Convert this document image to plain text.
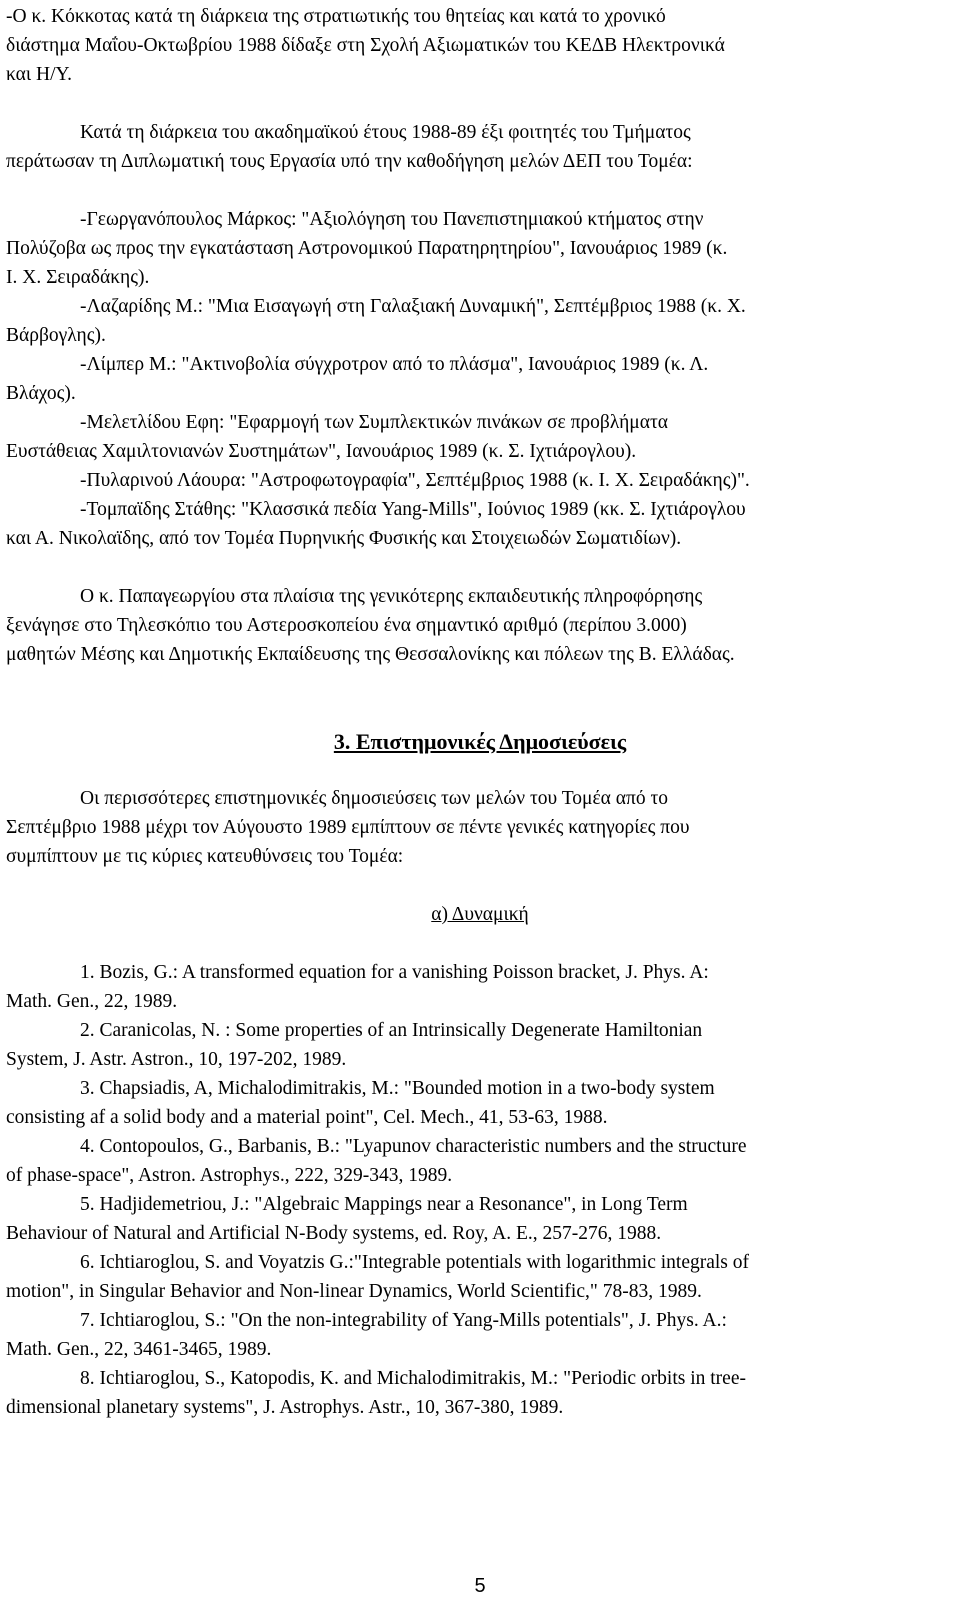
-Ο κ. Κόκκοτας κατά τη διάρκεια της στρατιωτικής του θητείας και κατά το χρονικό
διάστημα Μαΐου-Οκτωβρίου 1988 δίδαξε στη Σχολή Αξιωματικών του ΚΕΔΒ Ηλεκτρονικά
και Η/Υ.

Κατά τη διάρκεια του ακαδημαϊκού έτους 1988-89 έξι φοιτητές του Τμήματος
περάτωσαν τη Διπλωματική τους Εργασία υπό την καθοδήγηση μελών ΔΕΠ του Τομέα:

-Γεωργανόπουλος Μάρκος: "Αξιολόγηση του Πανεπιστημιακού κτήματος στην
Πολύζοβα ως προς την εγκατάσταση Αστρονομικού Παρατηρητηρίου", Ιανουάριος 1989 (κ.
Ι. Χ. Σειραδάκης).

-Λαζαρίδης Μ.: "Μια Εισαγωγή στη Γαλαξιακή Δυναμική", Σεπτέμβριος 1988 (κ. Χ.
Βάρβογλης).

-Λίμπερ Μ.: "Ακτινοβολία σύγχροτρον από το πλάσμα", Ιανουάριος 1989 (κ. Λ.
Βλάχος).

-Μελετλίδου Εφη: "Εφαρμογή των Συμπλεκτικών πινάκων σε προβλήματα
Ευστάθειας Χαμιλτονιανών Συστημάτων", Ιανουάριος 1989 (κ. Σ. Ιχτιάρογλου).

-Πυλαρινού Λάουρα: "Αστροφωτογραφία", Σεπτέμβριος 1988 (κ. Ι. Χ. Σειραδάκης)".

-Τομπαϊδης Στάθης: "Κλασσικά πεδία Yang-Mills", Ιούνιος 1989 (κκ. Σ. Ιχτιάρογλου
και Α. Νικολαϊδης, από τον Τομέα Πυρηνικής Φυσικής και Στοιχειωδών Σωματιδίων).

Ο κ. Παπαγεωργίου στα πλαίσια της γενικότερης εκπαιδευτικής πληροφόρησης
ξενάγησε στο Τηλεσκόπιο του Αστεροσκοπείου ένα σημαντικό αριθμό (περίπου 3.000)
μαθητών Μέσης και Δημοτικής Εκπαίδευσης της Θεσσαλονίκης και πόλεων της Β. Ελλάδας.

3. Επιστημονικές Δημοσιεύσεις

Οι περισσότερες επιστημονικές δημοσιεύσεις των μελών του Τομέα από το
Σεπτέμβριο 1988 μέχρι τον Αύγουστο 1989 εμπίπτουν σε πέντε γενικές κατηγορίες που
συμπίπτουν με τις κύριες κατευθύνσεις του Τομέα:

α) Δυναμική

1. Bozis, G.: A transformed equation for a vanishing Poisson bracket, J. Phys. A:
Math. Gen., 22, 1989.

2. Caranicolas, N. : Some properties of an Intrinsically Degenerate Hamiltonian
System, J. Astr. Astron., 10, 197-202, 1989.

3. Chapsiadis, A, Michalodimitrakis, M.: "Bounded motion in a two-body system
consisting af a solid body and a material point", Cel. Mech., 41, 53-63, 1988.

4. Contopoulos, G., Barbanis, B.: "Lyapunov characteristic numbers and the structure
of phase-space", Astron. Astrophys., 222, 329-343, 1989.

5. Hadjidemetriou, J.: "Algebraic Mappings near a Resonance", in Long Term
Behaviour of Natural and Artificial N-Body systems, ed. Roy, A. E., 257-276, 1988.

6. Ichtiaroglou, S. and Voyatzis G.:"Integrable potentials with logarithmic integrals of
motion", in Singular Behavior and Non-linear Dynamics, World Scientific," 78-83, 1989.

7. Ichtiaroglou, S.: "On the non-integrability of Yang-Mills potentials", J. Phys. A.:
Math. Gen., 22, 3461-3465, 1989.

8. Ichtiaroglou, S., Katopodis, K. and Michalodimitrakis, M.: "Periodic orbits in tree-
dimensional planetary systems", J. Astrophys. Astr., 10, 367-380, 1989.

5
